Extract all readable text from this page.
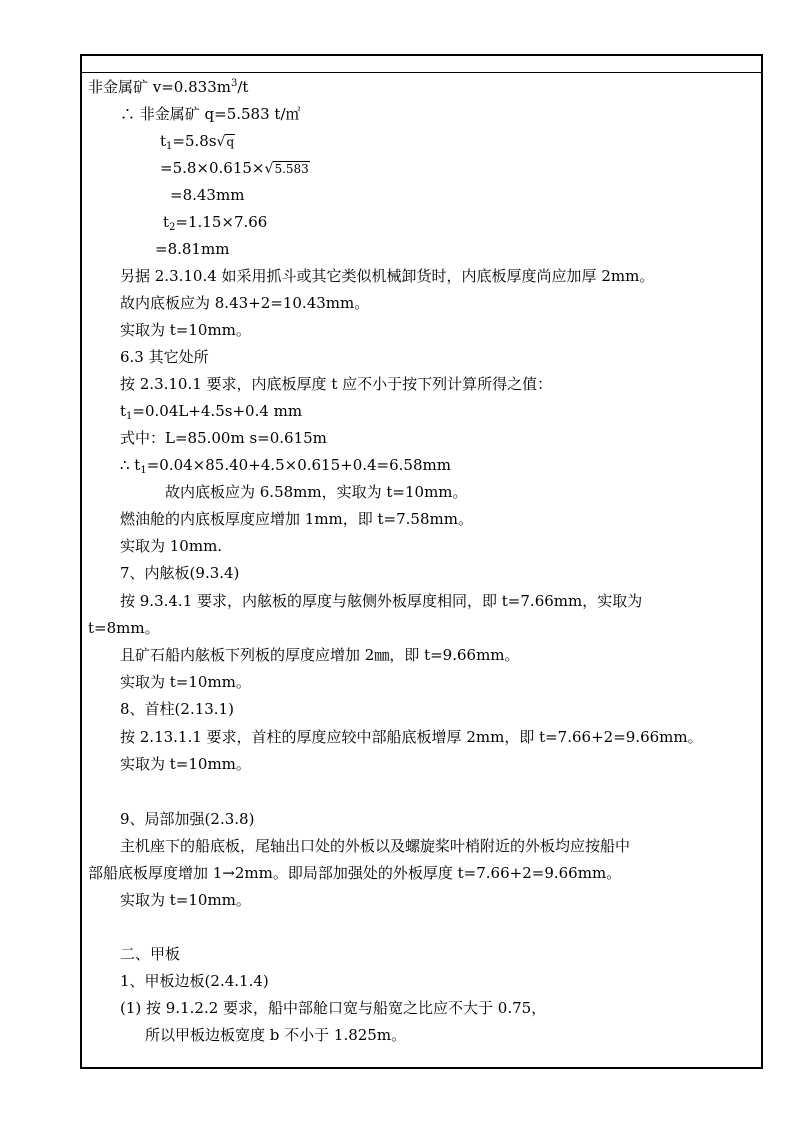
非金属矿 $v=0.833m^3/t$
∴ 非金属矿 q=5.583 t/㎡
$t_1=5.8s√q$
=5.8×0.615×√5.583
=8.43mm
$t_2=1.15\times 7.66$
=8.81mm
另据 2.3.10.4 如采用抓斗或其它类似机械卸货时，内底板厚度尚应加厚 2mm。
故内底板应为 8.43+2=10.43mm。
实取为 t=10mm。
6.3 其它处所
按 2.3.10.1 要求，内底板厚度 t 应不小于按下列计算所得之值：
$t_1=0.04L+4.5s+0.4$ mm
式中：L=85.00m s=0.615m
∴ $t_1=0.04\times 85.40+4.5\times 0.615+0.4=6.58mm$
故内底板应为 6.58mm，实取为 t=10mm。
燃油舱的内底板厚度应增加 1mm，即 t=7.58mm。
实取为 10mm.
7、内舷板(9.3.4)
按 9.3.4.1 要求，内舷板的厚度与舷侧外板厚度相同，即 t=7.66mm，实取为
t=8mm。
且矿石船内舷板下列板的厚度应增加 2㎜，即 t=9.66mm。
实取为 t=10mm。
8、首柱(2.13.1)
按 2.13.1.1 要求，首柱的厚度应较中部船底板增厚 2mm，即 t=7.66+2=9.66mm。
实取为 t=10mm。
9、局部加强(2.3.8)
主机座下的船底板，尾轴出口处的外板以及螺旋桨叶梢附近的外板均应按船中
部船底板厚度增加 1→2mm。即局部加强处的外板厚度 t=7.66+2=9.66mm。
实取为 t=10mm。
二、甲板
1、甲板边板(2.4.1.4)
(1) 按 9.1.2.2 要求，船中部舱口宽与船宽之比应不大于 0.75，
所以甲板边板宽度 b 不小于 1.825m。
